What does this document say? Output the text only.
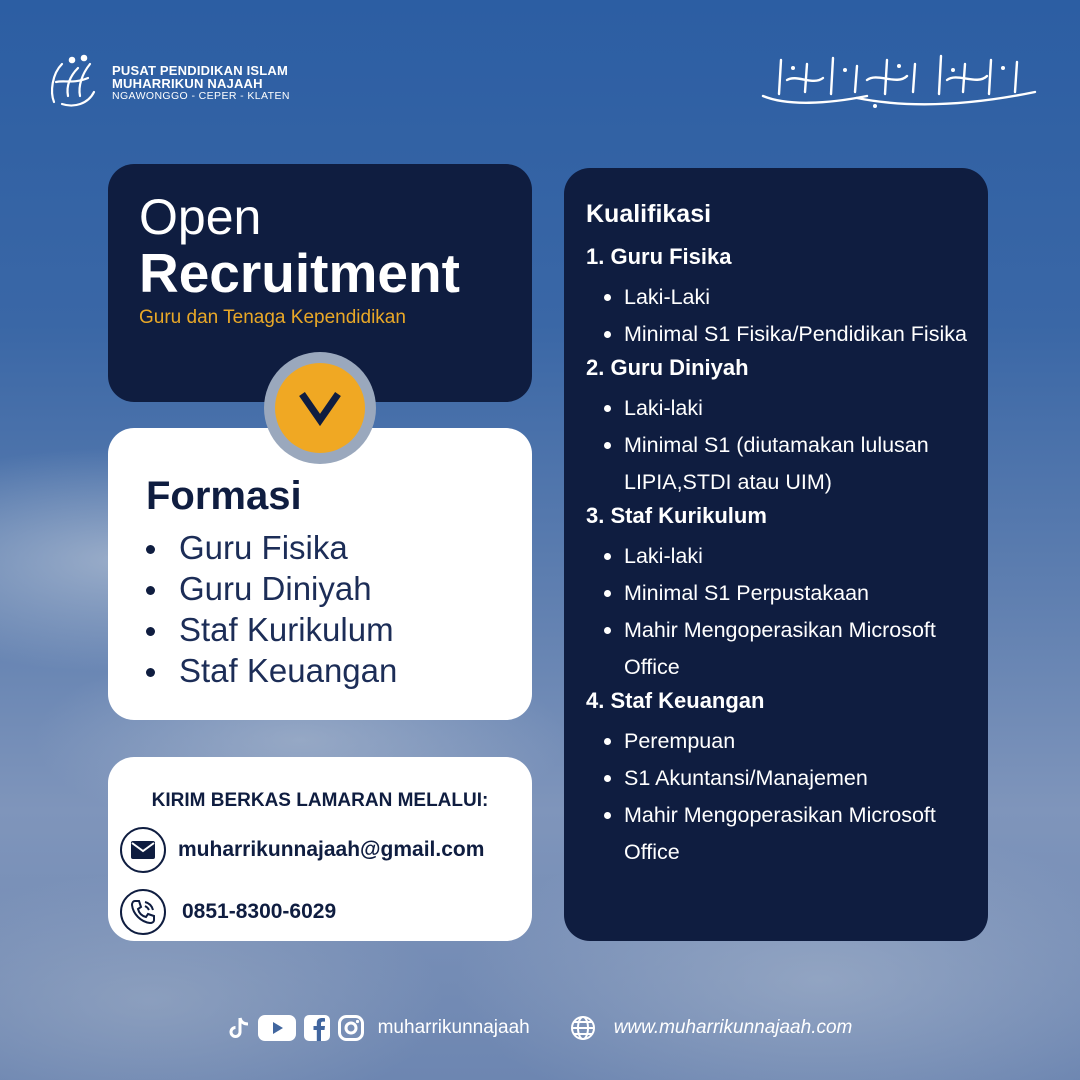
PUSAT PENDIDIKAN ISLAM
MUHARRIKUN NAJAAH
NGAWONGGO - CEPER - KLATEN
Open
Recruitment
Guru dan Tenaga Kependidikan
Formasi
Guru Fisika
Guru Diniyah
Staf Kurikulum
Staf Keuangan
KIRIM BERKAS LAMARAN MELALUI:
muharrikunnajaah@gmail.com
0851-8300-6029
Kualifikasi
1. Guru Fisika
Laki-Laki
Minimal S1 Fisika/Pendidikan Fisika
2. Guru Diniyah
Laki-laki
Minimal S1 (diutamakan lulusan LIPIA,STDI atau UIM)
3. Staf Kurikulum
Laki-laki
Minimal S1 Perpustakaan
Mahir Mengoperasikan Microsoft Office
4. Staf Keuangan
Perempuan
S1 Akuntansi/Manajemen
Mahir Mengoperasikan Microsoft Office
muharrikunnajaah	www.muharrikunnajaah.com
